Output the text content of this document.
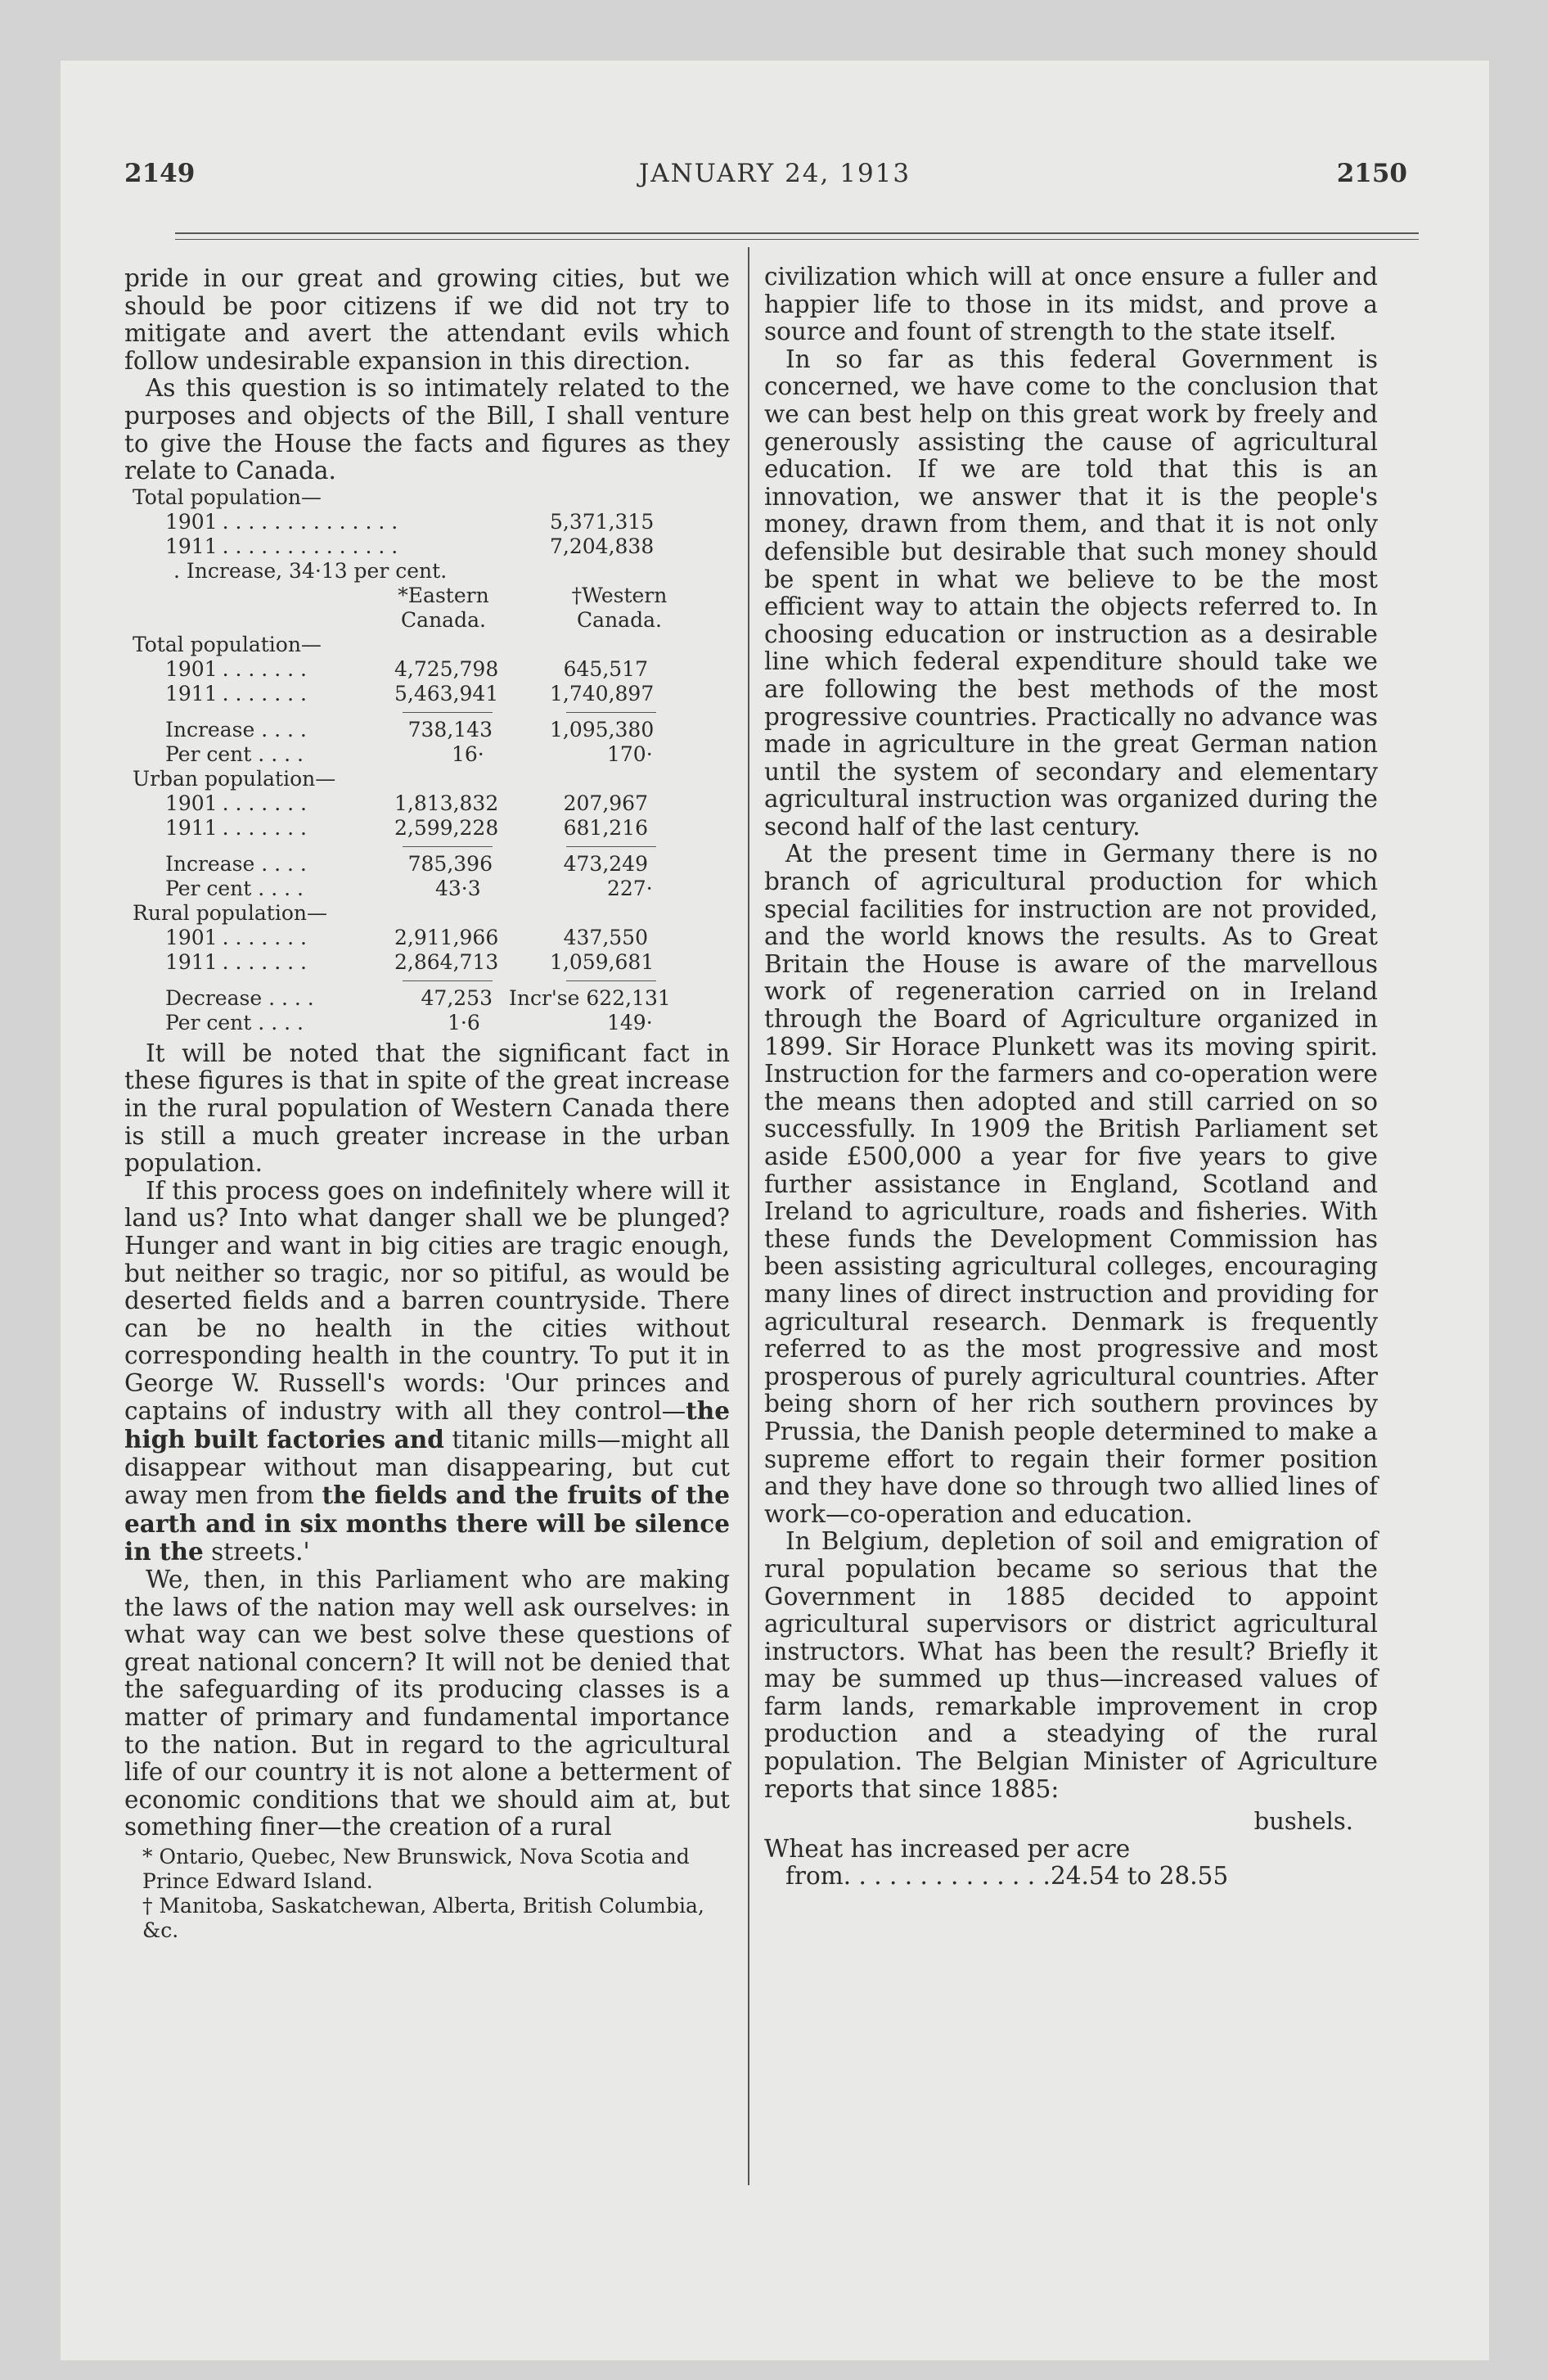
2149	JANUARY 24, 1913	2150

pride in our great and growing cities, but we should be poor citizens if we did not try to mitigate and avert the attendant evils which follow undesirable expansion in this direction.

As this question is so intimately related to the purposes and objects of the Bill, I shall venture to give the House the facts and figures as they relate to Canada.

Total population—
1901 . . . . . . . . . . . . . .	5,371,315
1911 . . . . . . . . . . . . . .	7,204,838
. Increase, 34·13 per cent.
*Eastern Canada.
†Western Canada.
Total population—
1901 . . . . . . .	4,725,798	645,517
1911 . . . . . . .	5,463,941	1,740,897
Increase . . . .	738,143	1,095,380
Per cent . . . .	16·	170·
Urban population—
1901 . . . . . . .	1,813,832	207,967
1911 . . . . . . .	2,599,228	681,216
Increase . . . .	785,396	473,249
Per cent . . . .	43·3	227·
Rural population—
1901 . . . . . . .	2,911,966	437,550
1911 . . . . . . .	2,864,713	1,059,681
Decrease . . . .	47,253 Incr'se 622,131
Per cent . . . .	1·6	149·

It will be noted that the significant fact in these figures is that in spite of the great increase in the rural population of Western Canada there is still a much greater increase in the urban population.

If this process goes on indefinitely where will it land us? Into what danger shall we be plunged? Hunger and want in big cities are tragic enough, but neither so tragic, nor so pitiful, as would be deserted fields and a barren countryside. There can be no health in the cities without corresponding health in the country. To put it in George W. Russell's words: 'Our princes and captains of industry with all they control—the high built factories and titanic mills—might all disappear without man disappearing, but cut away men from the fields and the fruits of the earth and in six months there will be silence in the streets.'

We, then, in this Parliament who are making the laws of the nation may well ask ourselves: in what way can we best solve these questions of great national concern? It will not be denied that the safeguarding of its producing classes is a matter of primary and fundamental importance to the nation. But in regard to the agricultural life of our country it is not alone a betterment of economic conditions that we should aim at, but something finer—the creation of a rural

* Ontario, Quebec, New Brunswick, Nova Scotia and Prince Edward Island.

† Manitoba, Saskatchewan, Alberta, British Columbia, &c.

civilization which will at once ensure a fuller and happier life to those in its midst, and prove a source and fount of strength to the state itself.

In so far as this federal Government is concerned, we have come to the conclusion that we can best help on this great work by freely and generously assisting the cause of agricultural education. If we are told that this is an innovation, we answer that it is the people's money, drawn from them, and that it is not only defensible but desirable that such money should be spent in what we believe to be the most efficient way to attain the objects referred to. In choosing education or instruction as a desirable line which federal expenditure should take we are following the best methods of the most progressive countries. Practically no advance was made in agriculture in the great German nation until the system of secondary and elementary agricultural instruction was organized during the second half of the last century.

At the present time in Germany there is no branch of agricultural production for which special facilities for instruction are not provided, and the world knows the results. As to Great Britain the House is aware of the marvellous work of regeneration carried on in Ireland through the Board of Agriculture organized in 1899. Sir Horace Plunkett was its moving spirit. Instruction for the farmers and co-operation were the means then adopted and still carried on so successfully. In 1909 the British Parliament set aside £500,000 a year for five years to give further assistance in England, Scotland and Ireland to agriculture, roads and fisheries. With these funds the Development Commission has been assisting agricultural colleges, encouraging many lines of direct instruction and providing for agricultural research. Denmark is frequently referred to as the most progressive and most prosperous of purely agricultural countries. After being shorn of her rich southern provinces by Prussia, the Danish people determined to make a supreme effort to regain their former position and they have done so through two allied lines of work—co-operation and education.

In Belgium, depletion of soil and emigration of rural population became so serious that the Government in 1885 decided to appoint agricultural supervisors or district agricultural instructors. What has been the result? Briefly it may be summed up thus—increased values of farm lands, remarkable improvement in crop production and a steadying of the rural population. The Belgian Minister of Agriculture reports that since 1885:

bushels.

Wheat has increased per acre

from. . . . . . . . . . . . . .24.54 to 28.55
